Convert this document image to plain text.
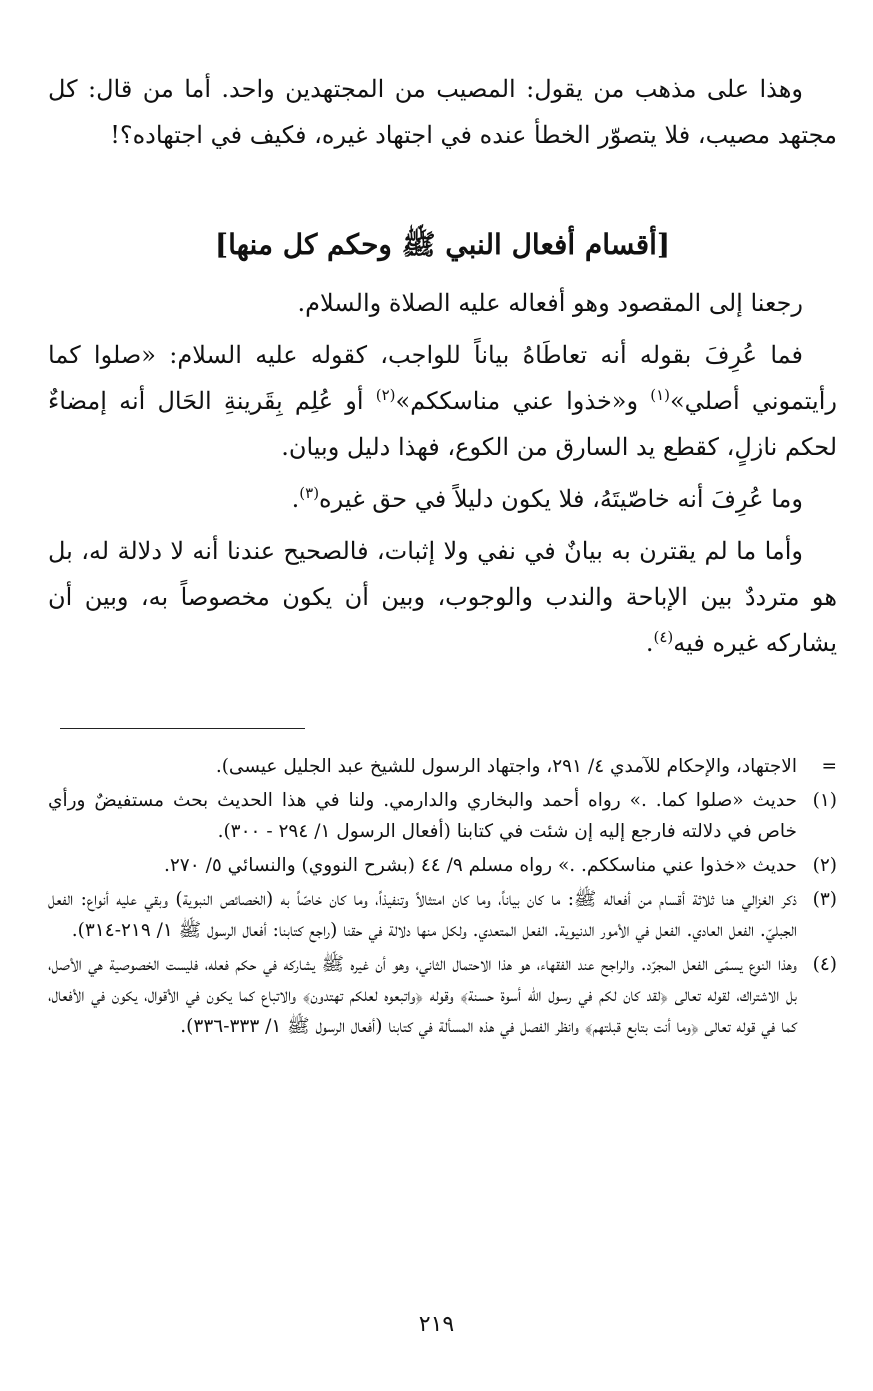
وهذا على مذهب من يقول: المصيب من المجتهدين واحد. أما من قال: كل مجتهد مصيب، فلا يتصوّر الخطأ عنده في اجتهاد غيره، فكيف في اجتهاده؟!

[أقسام أفعال النبي ﷺ وحكم كل منها]

رجعنا إلى المقصود وهو أفعاله عليه الصلاة والسلام.

فما عُرِفَ بقوله أنه تعاطَاهُ بياناً للواجب، كقوله عليه السلام: «صلوا كما رأيتموني أصلي»$^{(١)}$ و«خذوا عني مناسككم»$^{(٢)}$ أو عُلِم بِقَرينةِ الحَال أنه إمضاءٌ لحكم نازلٍ، كقطع يد السارق من الكوع، فهذا دليل وبيان.

وما عُرِفَ أنه خاصّيتَهُ، فلا يكون دليلاً في حق غيره$^{(٣)}$.

وأما ما لم يقترن به بيانٌ في نفي ولا إثبات، فالصحيح عندنا أنه لا دلالة له، بل هو مترددٌ بين الإباحة والندب والوجوب، وبين أن يكون مخصوصاً به، وبين أن يشاركه غيره فيه$^{(٤)}$.

=
الاجتهاد، والإحكام للآمدي ٤/ ٢٩١، واجتهاد الرسول للشيخ عبد الجليل عيسى).
(١)
حديث «صلوا كما. .» رواه أحمد والبخاري والدارمي. ولنا في هذا الحديث بحث مستفيضٌ ورأي خاص في دلالته فارجع إليه إن شئت في كتابنا (أفعال الرسول ١/ ٢٩٤ - ٣٠٠).
(٢)
حديث «خذوا عني مناسككم. .» رواه مسلم ٩/ ٤٤ (بشرح النووي) والنسائي ٥/ ٢٧٠.
(٣)
ذكر الغزالي هنا ثلاثة أقسام من أفعاله ﷺ: ما كان بياناً، وما كان امتثالاً وتنفيذاً، وما كان خاصّاً به (الخصائص النبوية) وبقي عليه أنواع: الفعل الجبليّ. الفعل العادي. الفعل في الأمور الدنيوية. الفعل المتعدي. ولكل منها دلالة في حقنا (راجع كتابنا: أفعال الرسول ﷺ ١/ ٢١٩-٣١٤).
(٤)
وهذا النوع يسمّى الفعل المجرّد. والراجح عند الفقهاء، هو هذا الاحتمال الثاني، وهو أن غيره ﷺ يشاركه في حكم فعله، فليست الخصوصية هي الأصل، بل الاشتراك، لقوله تعالى ﴿لقد كان لكم في رسول الله أسوة حسنة﴾ وقوله ﴿واتبعوه لعلكم تهتدون﴾ والاتباع كما يكون في الأقوال، يكون في الأفعال، كما في قوله تعالى ﴿وما أنت بتابع قبلتهم﴾ وانظر الفصل في هذه المسألة في كتابنا (أفعال الرسول ﷺ ١/ ٣٣٣-٣٣٦).
٢١٩
